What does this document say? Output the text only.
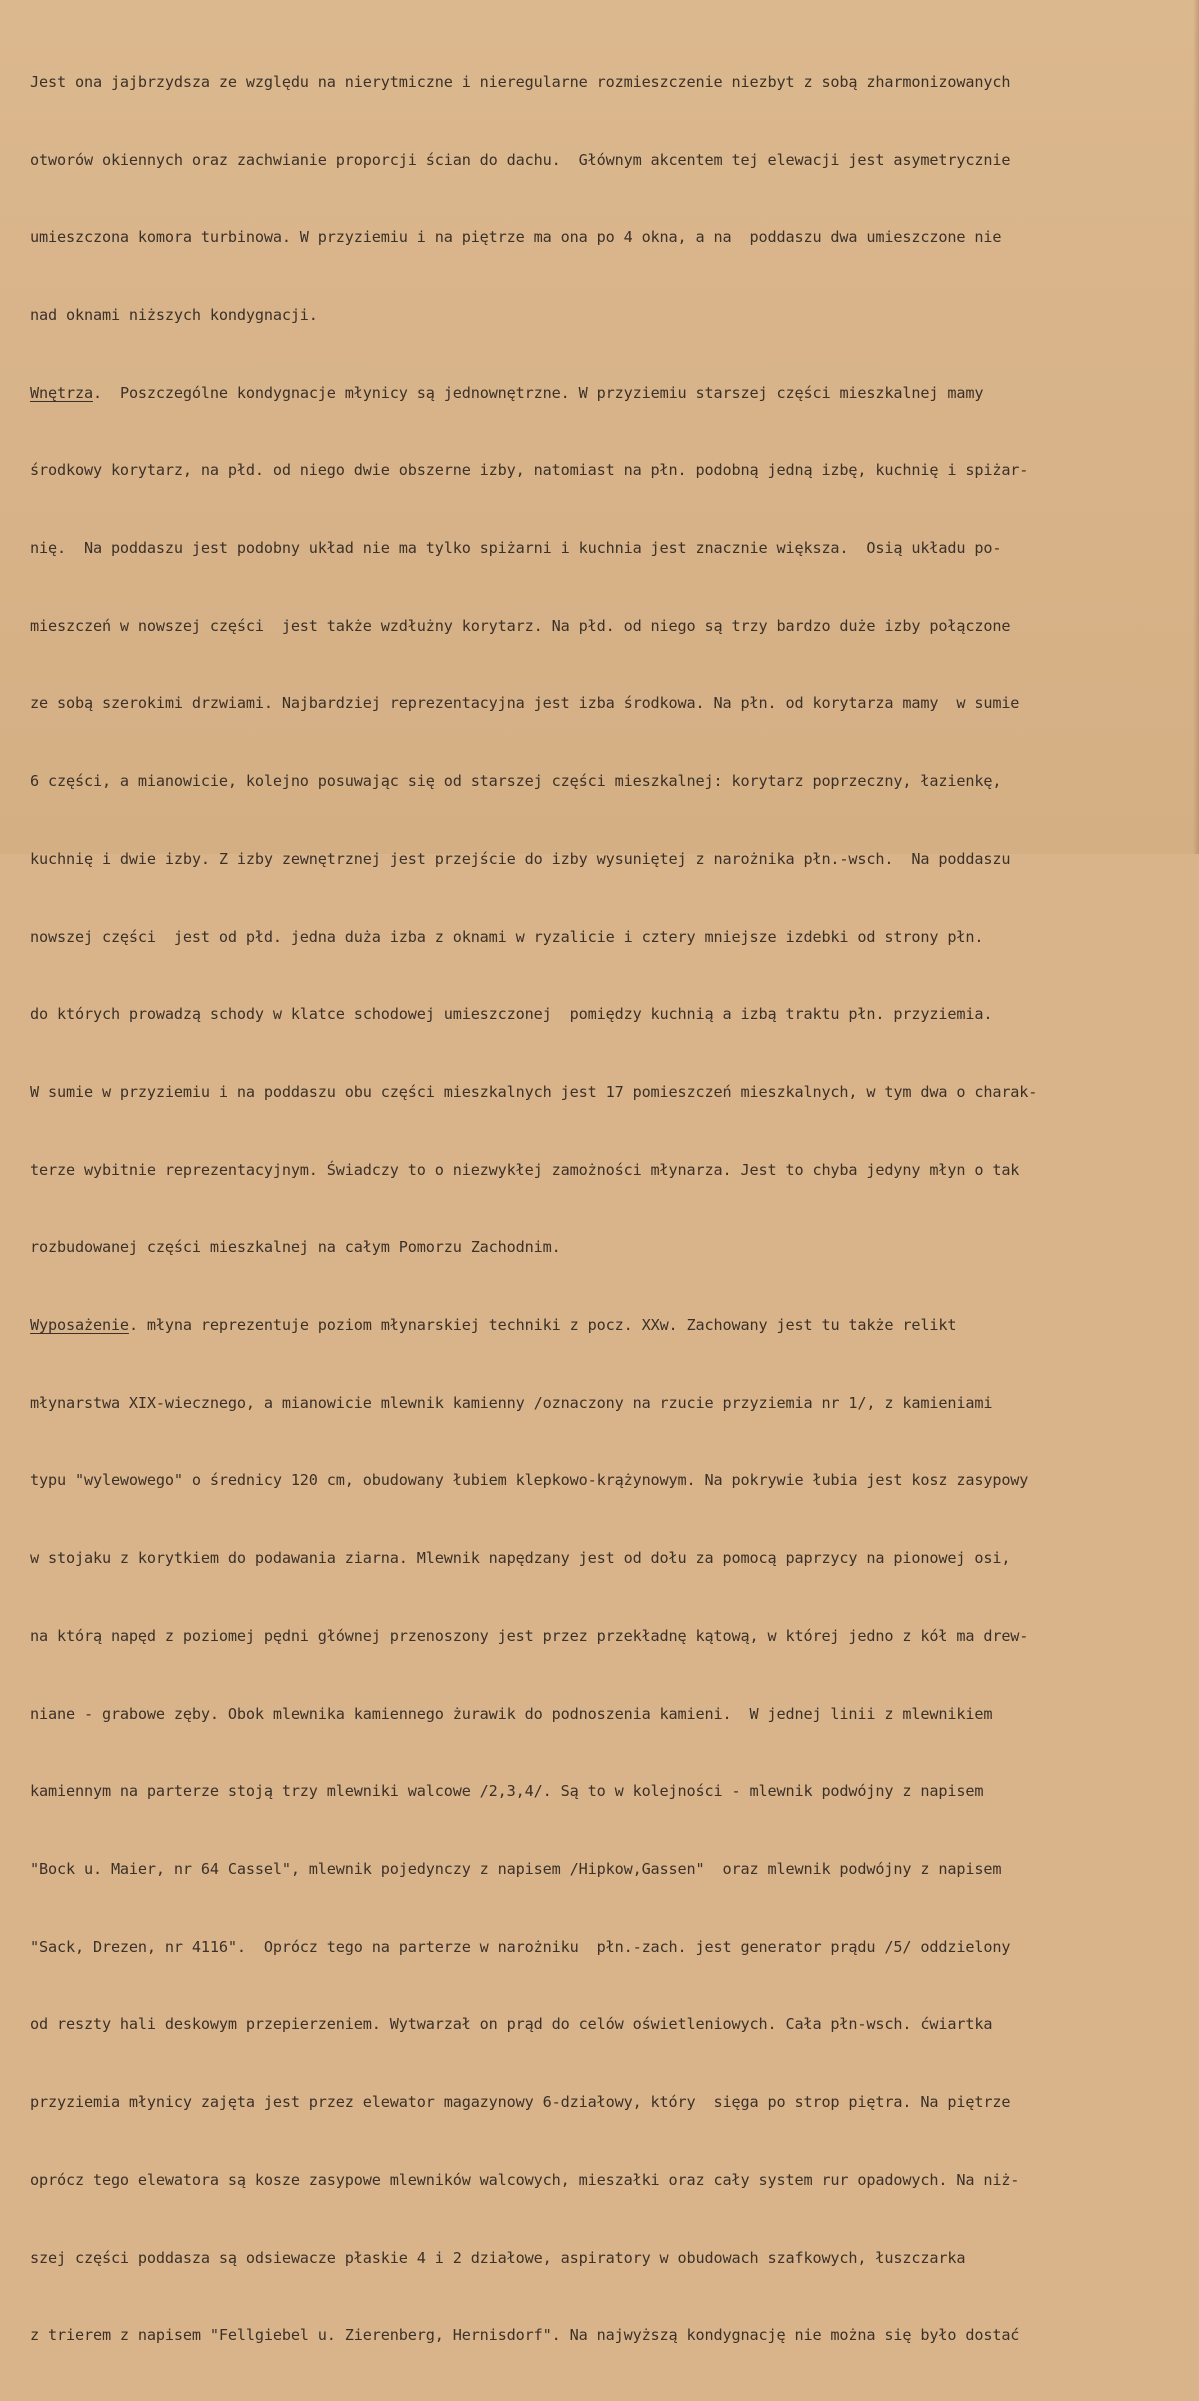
Jest ona jajbrzydsza ze względu na nierytmiczne i nieregularne rozmieszczenie niezbyt z sobą zharmonizowanych

otworów okiennych oraz zachwianie proporcji ścian do dachu.  Głównym akcentem tej elewacji jest asymetrycznie

umieszczona komora turbinowa. W przyziemiu i na piętrze ma ona po 4 okna, a na  poddaszu dwa umieszczone nie

nad oknami niższych kondygnacji.

Wnętrza.  Poszczególne kondygnacje młynicy są jednownętrzne. W przyziemiu starszej części mieszkalnej mamy

środkowy korytarz, na płd. od niego dwie obszerne izby, natomiast na płn. podobną jedną izbę, kuchnię i spiżar-

nię.  Na poddaszu jest podobny układ nie ma tylko spiżarni i kuchnia jest znacznie większa.  Osią układu po-

mieszczeń w nowszej części  jest także wzdłużny korytarz. Na płd. od niego są trzy bardzo duże izby połączone

ze sobą szerokimi drzwiami. Najbardziej reprezentacyjna jest izba środkowa. Na płn. od korytarza mamy  w sumie

6 części, a mianowicie, kolejno posuwając się od starszej części mieszkalnej: korytarz poprzeczny, łazienkę,

kuchnię i dwie izby. Z izby zewnętrznej jest przejście do izby wysuniętej z narożnika płn.-wsch.  Na poddaszu

nowszej części  jest od płd. jedna duża izba z oknami w ryzalicie i cztery mniejsze izdebki od strony płn.

do których prowadzą schody w klatce schodowej umieszczonej  pomiędzy kuchnią a izbą traktu płn. przyziemia.

W sumie w przyziemiu i na poddaszu obu części mieszkalnych jest 17 pomieszczeń mieszkalnych, w tym dwa o charak-

terze wybitnie reprezentacyjnym. Świadczy to o niezwykłej zamożności młynarza. Jest to chyba jedyny młyn o tak

rozbudowanej części mieszkalnej na całym Pomorzu Zachodnim.

Wyposażenie. młyna reprezentuje poziom młynarskiej techniki z pocz. XXw. Zachowany jest tu także relikt

młynarstwa XIX-wiecznego, a mianowicie mlewnik kamienny /oznaczony na rzucie przyziemia nr 1/, z kamieniami

typu "wylewowego" o średnicy 120 cm, obudowany łubiem klepkowo-krążynowym. Na pokrywie łubia jest kosz zasypowy

w stojaku z korytkiem do podawania ziarna. Mlewnik napędzany jest od dołu za pomocą paprzycy na pionowej osi,

na którą napęd z poziomej pędni głównej przenoszony jest przez przekładnę kątową, w której jedno z kół ma drew-

niane - grabowe zęby. Obok mlewnika kamiennego żurawik do podnoszenia kamieni.  W jednej linii z mlewnikiem

kamiennym na parterze stoją trzy mlewniki walcowe /2,3,4/. Są to w kolejności - mlewnik podwójny z napisem

"Bock u. Maier, nr 64 Cassel", mlewnik pojedynczy z napisem /Hipkow,Gassen"  oraz mlewnik podwójny z napisem

"Sack, Drezen, nr 4116".  Oprócz tego na parterze w narożniku  płn.-zach. jest generator prądu /5/ oddzielony

od reszty hali deskowym przepierzeniem. Wytwarzał on prąd do celów oświetleniowych. Cała płn-wsch. ćwiartka

przyziemia młynicy zajęta jest przez elewator magazynowy 6-działowy, który  sięga po strop piętra. Na piętrze

oprócz tego elewatora są kosze zasypowe mlewników walcowych, mieszałki oraz cały system rur opadowych. Na niż-

szej części poddasza są odsiewacze płaskie 4 i 2 działowe, aspiratory w obudowach szafkowych, łuszczarka

z trierem z napisem "Fellgiebel u. Zierenberg, Hernisdorf". Na najwyższą kondygnację nie można się było dostać
